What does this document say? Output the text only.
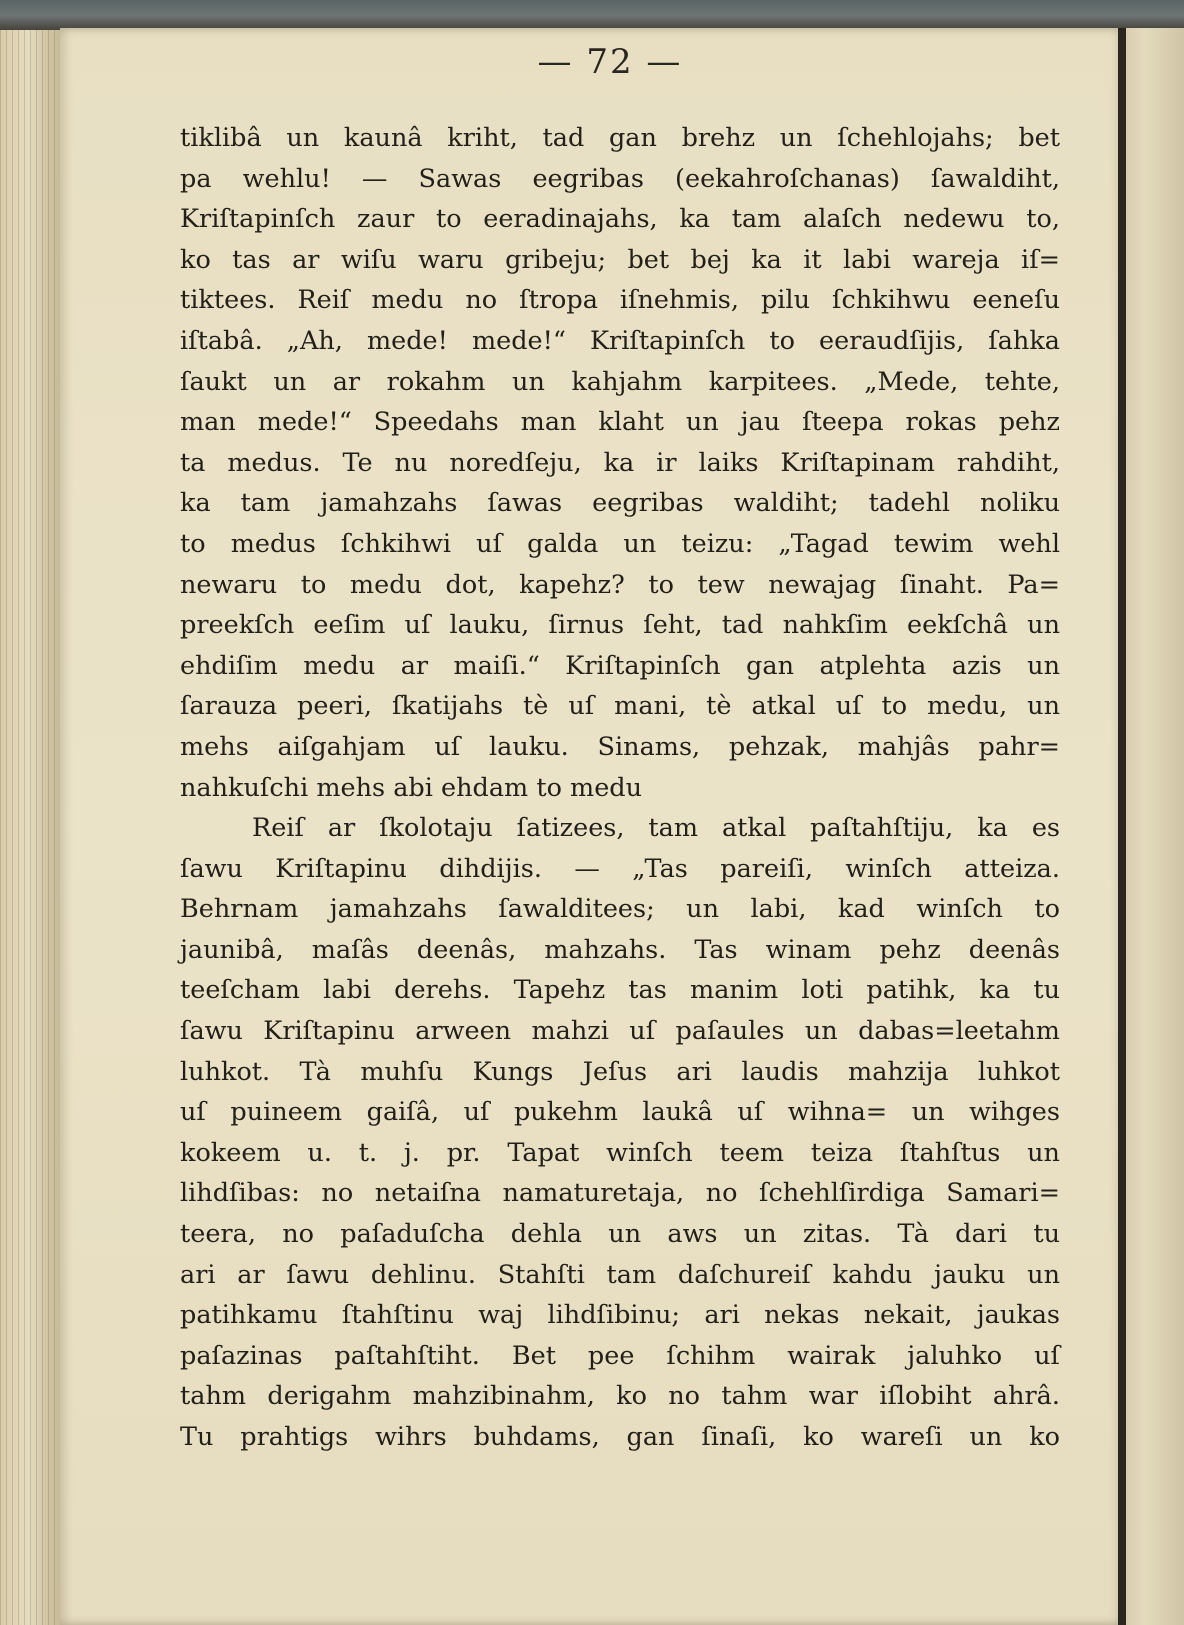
— 72 —
tiklibâ un kaunâ kriht, tad gan brehz un ſchehlojahs; bet
pa wehlu! — Sawas eegribas (eekahroſchanas) ſawaldiht,
Kriſtapinſch zaur to eeradinajahs, ka tam alaſch nedewu to,
ko tas ar wiſu waru gribeju; bet bej ka it labi wareja iſ=
tiktees. Reiſ medu no ſtropa iſnehmis, pilu ſchkihwu eeneſu
iſtabâ. „Ah, mede! mede!“ Kriſtapinſch to eeraudſijis, ſahka
ſaukt un ar rokahm un kahjahm karpitees. „Mede, tehte,
man mede!“ Speedahs man klaht un jau ſteepa rokas pehz
ta medus. Te nu noredſeju, ka ir laiks Kriſtapinam rahdiht,
ka tam jamahzahs ſawas eegribas waldiht; tadehl noliku
to medus ſchkihwi uſ galda un teizu: „Tagad tewim wehl
newaru to medu dot, kapehz? to tew newajag ſinaht. Pa=
preekſch eeſim uſ lauku, ſirnus ſeht, tad nahkſim eekſchâ un
ehdiſim medu ar maiſi.“ Kriſtapinſch gan atplehta azis un
ſarauza peeri, ſkatijahs tè uſ mani, tè atkal uſ to medu, un
mehs aiſgahjam uſ lauku. Sinams, pehzak, mahjâs pahr=
nahkuſchi mehs abi ehdam to medu
Reiſ ar ſkolotaju ſatizees, tam atkal paſtahſtiju, ka es
ſawu Kriſtapinu dihdijis. — „Tas pareiſi, winſch atteiza.
Behrnam jamahzahs ſawalditees; un labi, kad winſch to
jaunibâ, maſâs deenâs, mahzahs. Tas winam pehz deenâs
teeſcham labi derehs. Tapehz tas manim loti patihk, ka tu
ſawu Kriſtapinu arween mahzi uſ paſaules un dabas=leetahm
luhkot. Tà muhſu Kungs Jeſus ari laudis mahzija luhkot
uſ puineem gaiſâ, uſ pukehm laukâ uſ wihna= un wihges
kokeem u. t. j. pr. Tapat winſch teem teiza ſtahſtus un
lihdſibas: no netaiſna namaturetaja, no ſchehlſirdiga Samari=
teera, no paſaduſcha dehla un aws un zitas. Tà dari tu
ari ar ſawu dehlinu. Stahſti tam daſchureiſ kahdu jauku un
patihkamu ſtahſtinu waj lihdſibinu; ari nekas nekait, jaukas
paſazinas paſtahſtiht. Bet pee ſchihm wairak jaluhko uſ
tahm derigahm mahzibinahm, ko no tahm war iſlobiht ahrâ.
Tu prahtigs wihrs buhdams, gan ſinaſi, ko wareſi un ko
